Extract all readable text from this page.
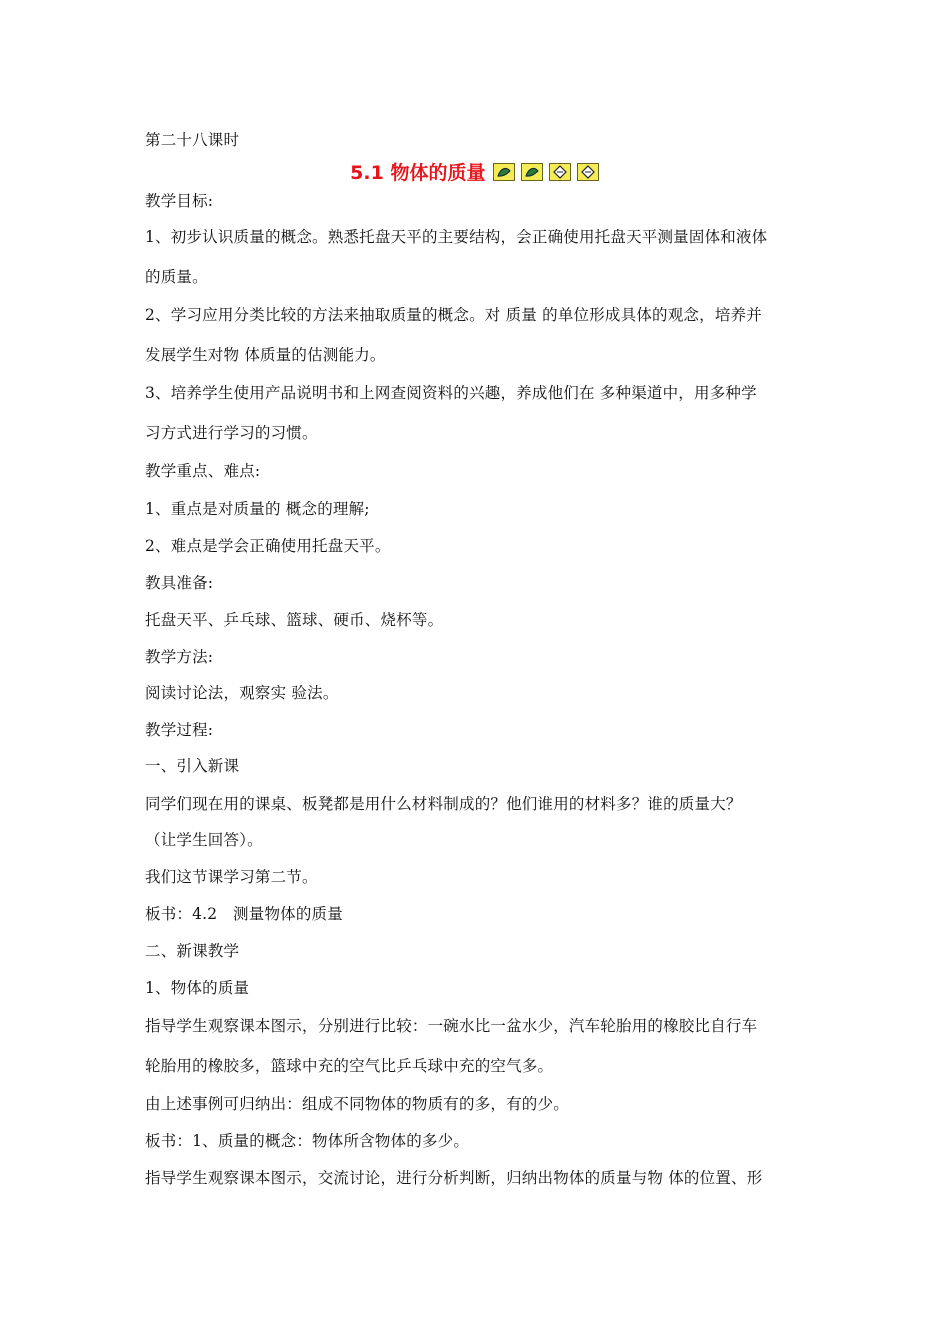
第二十八课时
5.1 物体的质量

教学目标:
1、初步认识质量的概念。熟悉托盘天平的主要结构，会正确使用托盘天平测量固体和液体
的质量。
2、学习应用分类比较的方法来抽取质量的概念。对 质量 的单位形成具体的观念，培养并
发展学生对物 体质量的估测能力。
3、培养学生使用产品说明书和上网查阅资料的兴趣，养成他们在 多种渠道中，用多种学
习方式进行学习的习惯。
教学重点、难点:
1、重点是对质量的 概念的理解;
2、难点是学会正确使用托盘天平。
教具准备:
托盘天平、乒乓球、篮球、硬币、烧杯等。
教学方法:
阅读讨论法，观察实 验法。
教学过程:
一、引入新课
同学们现在用的课桌、板凳都是用什么材料制成的？他们谁用的材料多？谁的质量大？
（让学生回答）。
我们这节课学习第二节。
板书：4.2　测量物体的质量
二、新课教学
1、物体的质量
指导学生观察课本图示，分别进行比较：一碗水比一盆水少，汽车轮胎用的橡胶比自行车
轮胎用的橡胶多，篮球中充的空气比乒乓球中充的空气多。
由上述事例可归纳出：组成不同物体的物质有的多，有的少。
板书：1、质量的概念：物体所含物体的多少。
指导学生观察课本图示，交流讨论，进行分析判断，归纳出物体的质量与物 体的位置、形
